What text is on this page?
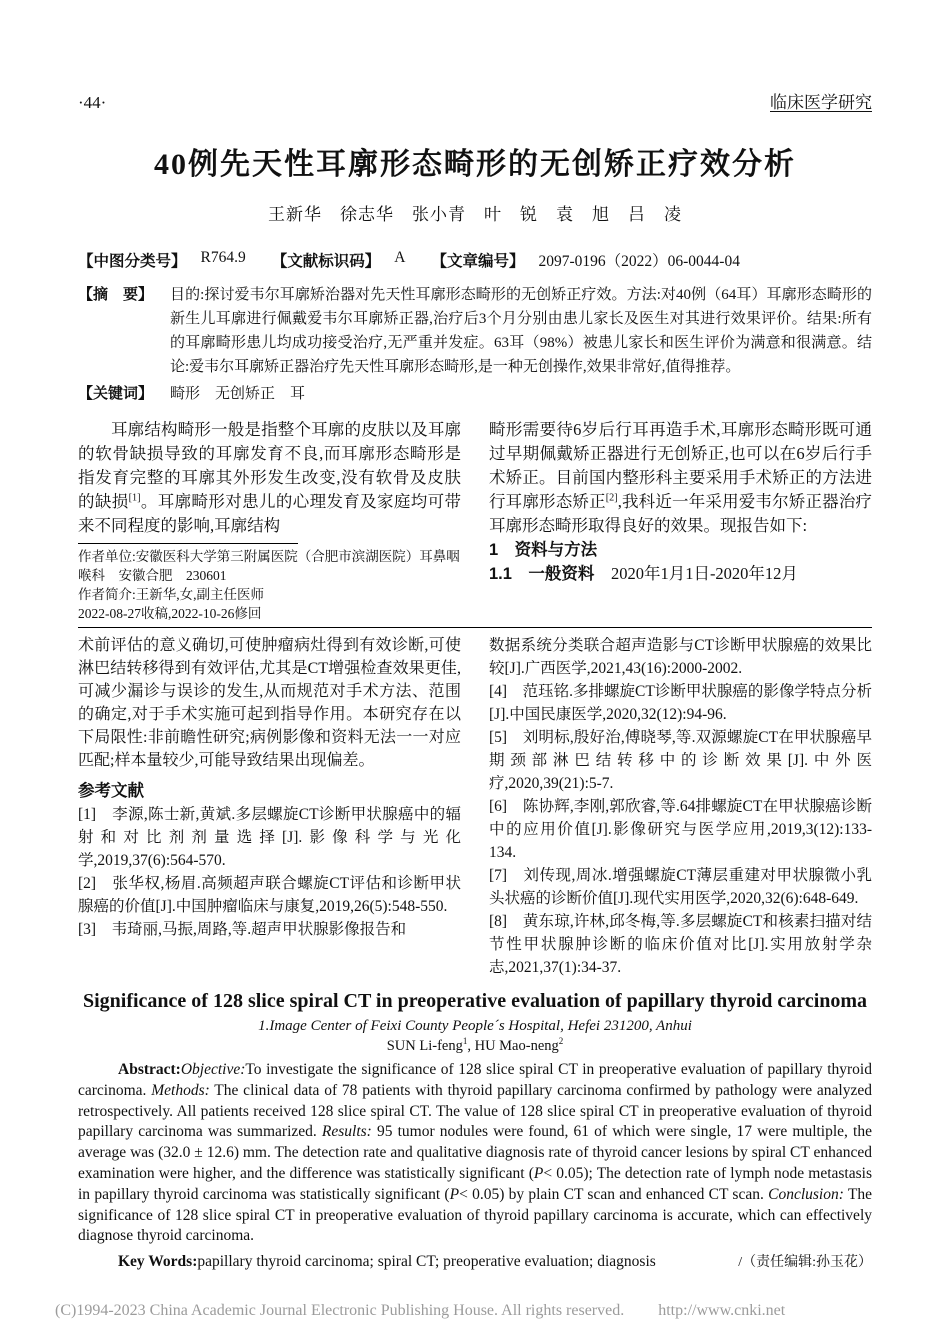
·44·	临床医学研究
40例先天性耳廓形态畸形的无创矫正疗效分析
王新华　徐志华　张小青　叶　锐　袁　旭　吕　凌
【中图分类号】 R764.9 【文献标识码】 A 【文章编号】 2097-0196（2022）06-0044-04
【摘　要】	目的:探讨爱韦尔耳廓矫治器对先天性耳廓形态畸形的无创矫正疗效。方法:对40例（64耳）耳廓形态畸形的新生儿耳廓进行佩戴爱韦尔耳廓矫正器,治疗后3个月分别由患儿家长及医生对其进行效果评价。结果:所有的耳廓畸形患儿均成功接受治疗,无严重并发症。63耳（98%）被患儿家长和医生评价为满意和很满意。结论:爱韦尔耳廓矫正器治疗先天性耳廓形态畸形,是一种无创操作,效果非常好,值得推荐。
【关键词】	畸形　无创矫正　耳
耳廓结构畸形一般是指整个耳廓的皮肤以及耳廓的软骨缺损导致的耳廓发育不良,而耳廓形态畸形是指发育完整的耳廓其外形发生改变,没有软骨及皮肤的缺损[1]。耳廓畸形对患儿的心理发育及家庭均可带来不同程度的影响,耳廓结构
作者单位:安徽医科大学第三附属医院（合肥市滨湖医院）耳鼻咽喉科　安徽合肥　230601
作者简介:王新华,女,副主任医师
2022-08-27收稿,2022-10-26修回
畸形需要待6岁后行耳再造手术,耳廓形态畸形既可通过早期佩戴矫正器进行无创矫正,也可以在6岁后行手术矫正。目前国内整形科主要采用手术矫正的方法进行耳廓形态矫正[2],我科近一年采用爱韦尔矫正器治疗耳廓形态畸形取得良好的效果。现报告如下:
1　资料与方法
1.1　一般资料　2020年1月1日-2020年12月
术前评估的意义确切,可使肿瘤病灶得到有效诊断,可使淋巴结转移得到有效评估,尤其是CT增强检查效果更佳,可减少漏诊与误诊的发生,从而规范对手术方法、范围的确定,对于手术实施可起到指导作用。本研究存在以下局限性:非前瞻性研究;病例影像和资料无法一一对应匹配;样本量较少,可能导致结果出现偏差。
参考文献
[1]　李源,陈士新,黄斌.多层螺旋CT诊断甲状腺癌中的辐射和对比剂剂量选择[J].影像科学与光化学,2019,37(6):564-570.
[2]　张华权,杨眉.高频超声联合螺旋CT评估和诊断甲状腺癌的价值[J].中国肿瘤临床与康复,2019,26(5):548-550.
[3]　韦琦丽,马振,周路,等.超声甲状腺影像报告和
数据系统分类联合超声造影与CT诊断甲状腺癌的效果比较[J].广西医学,2021,43(16):2000-2002.
[4]　范珏铭.多排螺旋CT诊断甲状腺癌的影像学特点分析[J].中国民康医学,2020,32(12):94-96.
[5]　刘明标,殷好治,傅晓琴,等.双源螺旋CT在甲状腺癌早期颈部淋巴结转移中的诊断效果[J].中外医疗,2020,39(21):5-7.
[6]　陈协辉,李刚,郭欣睿,等.64排螺旋CT在甲状腺癌诊断中的应用价值[J].影像研究与医学应用,2019,3(12):133-134.
[7]　刘传现,周冰.增强螺旋CT薄层重建对甲状腺微小乳头状癌的诊断价值[J].现代实用医学,2020,32(6):648-649.
[8]　黄东琼,许林,邱冬梅,等.多层螺旋CT和核素扫描对结节性甲状腺肿诊断的临床价值对比[J].实用放射学杂志,2021,37(1):34-37.
Significance of 128 slice spiral CT in preoperative evaluation of papillary thyroid carcinoma
1.Image Center of Feixi County People´s Hospital, Hefei 231200, Anhui
SUN Li-feng$^1$, HU Mao-neng$^2$
Abstract:Objective:To investigate the significance of 128 slice spiral CT in preoperative evaluation of papillary thyroid carcinoma. Methods: The clinical data of 78 patients with thyroid papillary carcinoma confirmed by pathology were analyzed retrospectively. All patients received 128 slice spiral CT. The value of 128 slice spiral CT in preoperative evaluation of thyroid papillary carcinoma was summarized. Results: 95 tumor nodules were found, 61 of which were single, 17 were multiple, the average was (32.0 ± 12.6) mm. The detection rate and qualitative diagnosis rate of thyroid cancer lesions by spiral CT enhanced examination were higher, and the difference was statistically significant (P< 0.05); The detection rate of lymph node metastasis in papillary thyroid carcinoma was statistically significant (P< 0.05) by plain CT scan and enhanced CT scan. Conclusion: The significance of 128 slice spiral CT in preoperative evaluation of thyroid papillary carcinoma is accurate, which can effectively diagnose thyroid carcinoma.
Key Words:papillary thyroid carcinoma; spiral CT; preoperative evaluation; diagnosis	/（责任编辑:孙玉花）
(C)1994-2023 China Academic Journal Electronic Publishing House. All rights reserved. http://www.cnki.net
